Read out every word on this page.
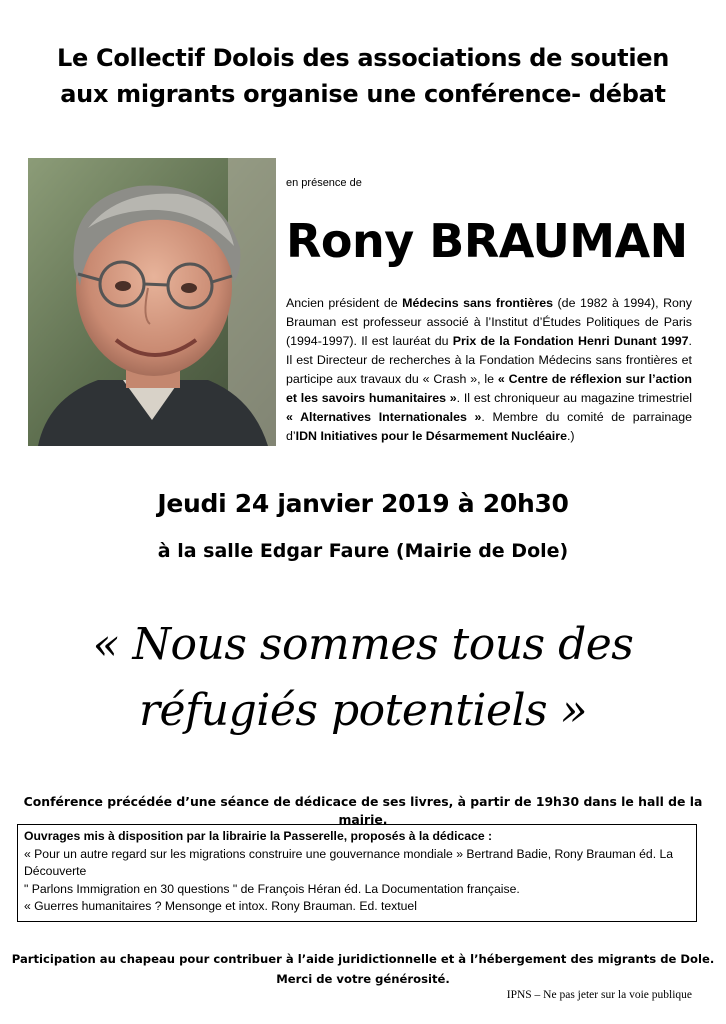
Le Collectif Dolois des associations de soutien
aux migrants organise une conférence- débat
en présence de
Rony BRAUMAN
Ancien président de Médecins sans frontières (de 1982 à 1994), Rony Brauman est professeur associé à l’Institut d’Études Politiques de Paris (1994-1997). Il est lauréat du Prix de la Fondation Henri Dunant 1997. Il est Directeur de recherches à la Fondation Médecins sans frontières et participe aux travaux du « Crash », le « Centre de réflexion sur l’action et les savoirs humanitaires ». Il est chroniqueur au magazine trimestriel « Alternatives Internationales ». Membre du comité de parrainage d’IDN Initiatives pour le Désarmement Nucléaire.)
Jeudi 24 janvier 2019 à 20h30
à la salle Edgar Faure (Mairie de Dole)
« Nous sommes tous des
réfugiés potentiels »
Conférence précédée d’une séance de dédicace de ses livres, à partir de 19h30 dans le hall de la mairie.
Ouvrages mis à disposition par la librairie la Passerelle, proposés à la dédicace :
« Pour un autre regard sur les migrations construire une gouvernance mondiale » Bertrand Badie, Rony Brauman éd. La Découverte
" Parlons Immigration en 30 questions " de François Héran éd. La Documentation française.
« Guerres humanitaires ? Mensonge et intox. Rony Brauman. Ed. textuel
Participation au chapeau pour contribuer à l’aide juridictionnelle et à l’hébergement des migrants de Dole.
Merci de votre générosité.
IPNS – Ne pas jeter sur la voie publique
